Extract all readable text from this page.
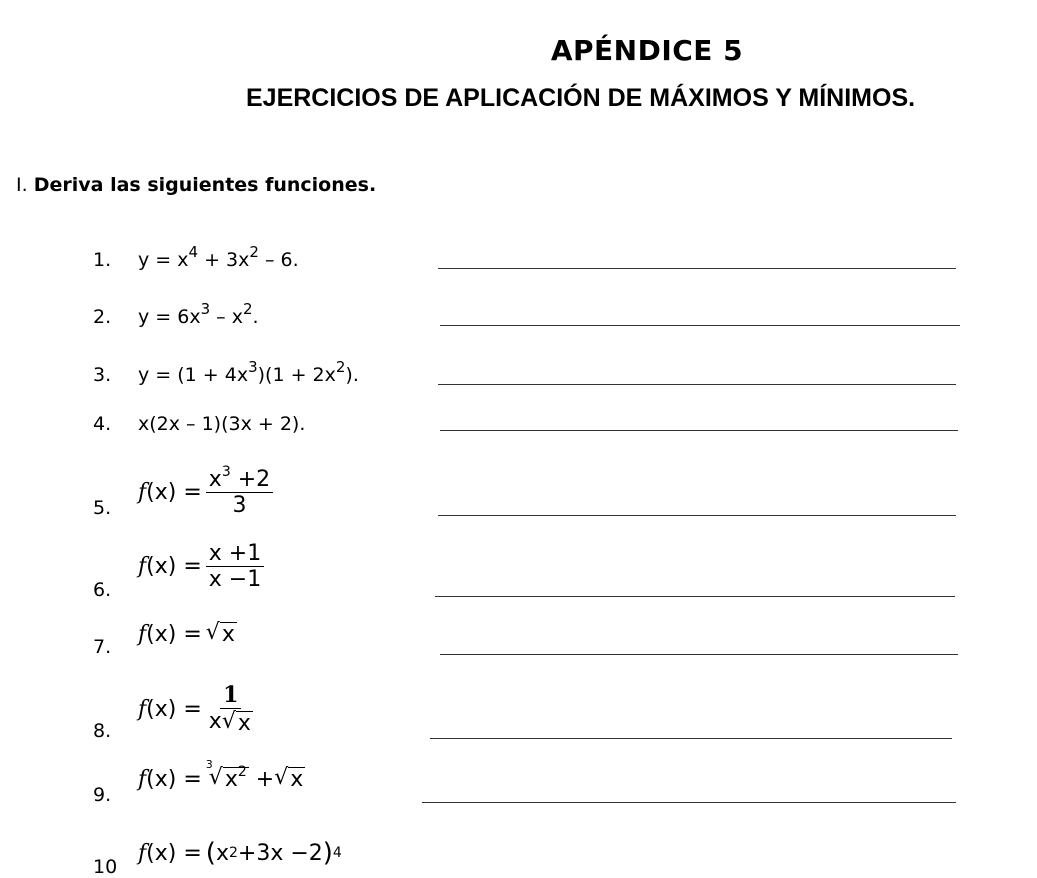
APÉNDICE 5
EJERCICIOS DE APLICACIÓN DE MÁXIMOS Y MÍNIMOS.
I. Deriva las siguientes funciones.
1. $y = x^4 + 3x^2 - 6$.
2. $y = 6x^3 - x^2$.
3. $y = (1 + 4x^3)(1 + 2x^2)$.
4. x(2x – 1)(3x + 2).
5.
f $(x) = \frac{x^3 +2}{3}$
6.
f $(x) = \frac{x +1}{x -1}$
7. f (x) = √ x
8.
f $(x) = \frac{1}{x √ x}$
9.
f (x) =
3
√ $x^2$ + √ x
10
f (x) = ( x 2 +3x −2 ) 4
